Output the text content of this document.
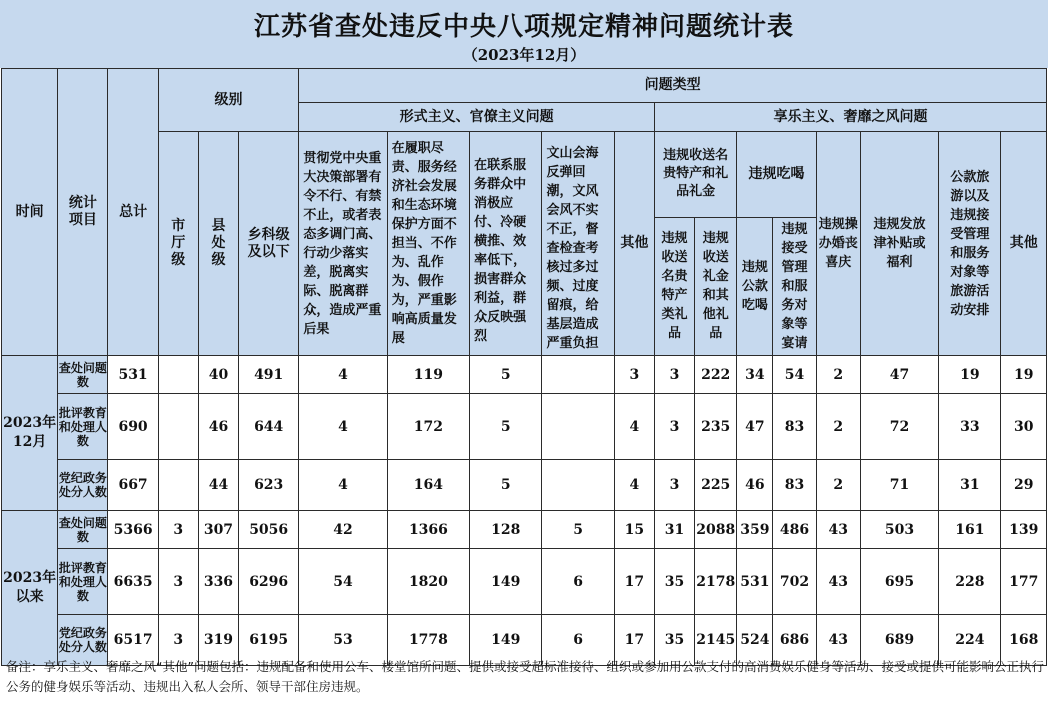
江苏省查处违反中央八项规定精神问题统计表
（2023年12月）
时间	统计项目	总计	级别			问题类型												
						形式主义、官僚主义问题					享乐主义、奢靡之风问题							
			市厅级	县处级	乡科级及以下	贯彻党中央重大决策部署有令不行、有禁不止，或者表态多调门高、行动少落实差，脱离实际、脱离群众，造成严重后果	在履职尽责、服务经济社会发展和生态环境保护方面不担当、不作为、乱作为、假作为，严重影响高质量发展	在联系服务群众中消极应付、冷硬横推、效率低下，损害群众利益，群众反映强烈	文山会海反弹回潮，文风会风不实不正，督查检查考核过多过频、过度留痕，给基层造成严重负担	其他	违规收送名贵特产和礼品礼金		违规吃喝		违规操办婚丧喜庆	违规发放津补贴或福利	公款旅游以及违规接受管理和服务对象等旅游活动安排	其他
											违规收送名贵特产类礼品	违规收送礼金和其他礼品	违规公款吃喝	违规接受管理和服务对象等宴请				
2023年12月	查处问题数	531		40	491	4	119	5		3	3	222	34	54	2	47	19	19
	批评教育和处理人数	690		46	644	4	172	5		4	3	235	47	83	2	72	33	30
	党纪政务处分人数	667		44	623	4	164	5		4	3	225	46	83	2	71	31	29
2023年以来	查处问题数	5366	3	307	5056	42	1366	128	5	15	31	2088	359	486	43	503	161	139
	批评教育和处理人数	6635	3	336	6296	54	1820	149	6	17	35	2178	531	702	43	695	228	177
	党纪政务处分人数	6517	3	319	6195	53	1778	149	6	17	35	2145	524	686	43	689	224	168
备注：享乐主义、奢靡之风“其他”问题包括：违规配备和使用公车、楼堂馆所问题、提供或接受超标准接待、组织或参加用公款支付的高消费娱乐健身等活动、接受或提供可能影响公正执行公务的健身娱乐等活动、违规出入私人会所、领导干部住房违规。
